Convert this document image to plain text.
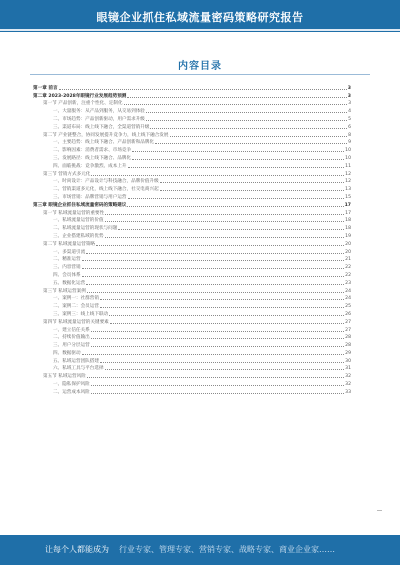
眼镜企业抓住私域流量密码策略研究报告
内容目录
第一章 前言	3
第二章 2023-2028年眼镜行业发展趋势预测	3
第一节 产品创新，注重个性化、定制化	3
一、大量服务：从产品到服务，从交易到体验	4
二、市场趋势：产品创新驱动，用户需求升级	5
三、渠道布局：线上线下融合，全渠道营销升级	6
第二节 产业链整合，协同发展提升竞争力，线上线下融合发展	8
一、主要趋势：线上线下融合、产品创新和品牌化	9
二、影响因素：消费者需求、市场竞争	10
三、发展路径：线上线下融合、品牌化	10
四、面临挑战：竞争激烈、成本上升	11
第三节 营销方式多元化	12
一、时尚设计：产品设计与科技融合，品牌价值升级	12
二、营销渠道多元化，线上线下融合，社交电商兴起	13
三、市场营销：品牌营销与用户运营	15
第三章 眼镜企业抓住私域流量密码的策略建议	17
第一节 私域流量运营的重要性	17
一、私域流量运营的价值	18
二、私域流量运营的现状与问题	18
三、企业搭建私域的优势	19
第二节 私域流量运营策略	20
一、多渠道引流	20
二、精准运营	21
三、内容营销	22
四、会员体系	22
五、数据化运营	23
第三节 私域运营案例	24
一、案例一：社群营销	24
二、案例二：会员运营	25
三、案例三：线上线下联动	26
第四节 私域流量运营的关键要素	27
一、建立信任关系	27
二、持续价值输出	28
三、用户分层运营	28
四、数据驱动	29
五、私域运营团队搭建	30
六、私域工具与平台选择	31
第五节 私域运营风险	32
一、隐私保护风险	32
二、运营成本风险	33
让每个人都能成为 行业专家、管理专家、营销专家、战略专家、商业企业家……
